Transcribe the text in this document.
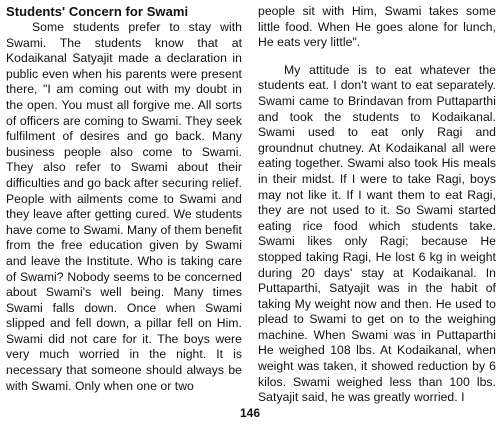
Students' Concern for Swami

Some students prefer to stay with Swami. The students know that at Kodaikanal Satyajit made a declaration in public even when his parents were present there, "I am coming out with my doubt in the open. You must all forgive me. All sorts of officers are coming to Swami. They seek fulfilment of desires and go back. Many business people also come to Swami. They also refer to Swami about their difficulties and go back after securing relief. People with ailments come to Swami and they leave after getting cured. We students have come to Swami. Many of them benefit from the free education given by Swami and leave the Institute. Who is taking care of Swami? Nobody seems to be concerned about Swami's well being. Many times Swami falls down. Once when Swami slipped and fell down, a pillar fell on Him. Swami did not care for it. The boys were very much worried in the night. It is necessary that someone should always be with Swami. Only when one or two

people sit with Him, Swami takes some little food. When He goes alone for lunch, He eats very little".

My attitude is to eat whatever the students eat. I don't want to eat separately. Swami came to Brindavan from Puttaparthi and took the students to Kodaikanal. Swami used to eat only Ragi and groundnut chutney. At Kodaikanal all were eating together. Swami also took His meals in their midst. If I were to take Ragi, boys may not like it. If I want them to eat Ragi, they are not used to it. So Swami started eating rice food which students take. Swami likes only Ragi; because He stopped taking Ragi, He lost 6 kg in weight during 20 days' stay at Kodaikanal. In Puttaparthi, Satyajit was in the habit of taking My weight now and then. He used to plead to Swami to get on to the weighing machine. When Swami was in Puttaparthi He weighed 108 lbs. At Kodaikanal, when weight was taken, it showed reduction by 6 kilos. Swami weighed less than 100 lbs. Satyajit said, he was greatly worried. I

146
